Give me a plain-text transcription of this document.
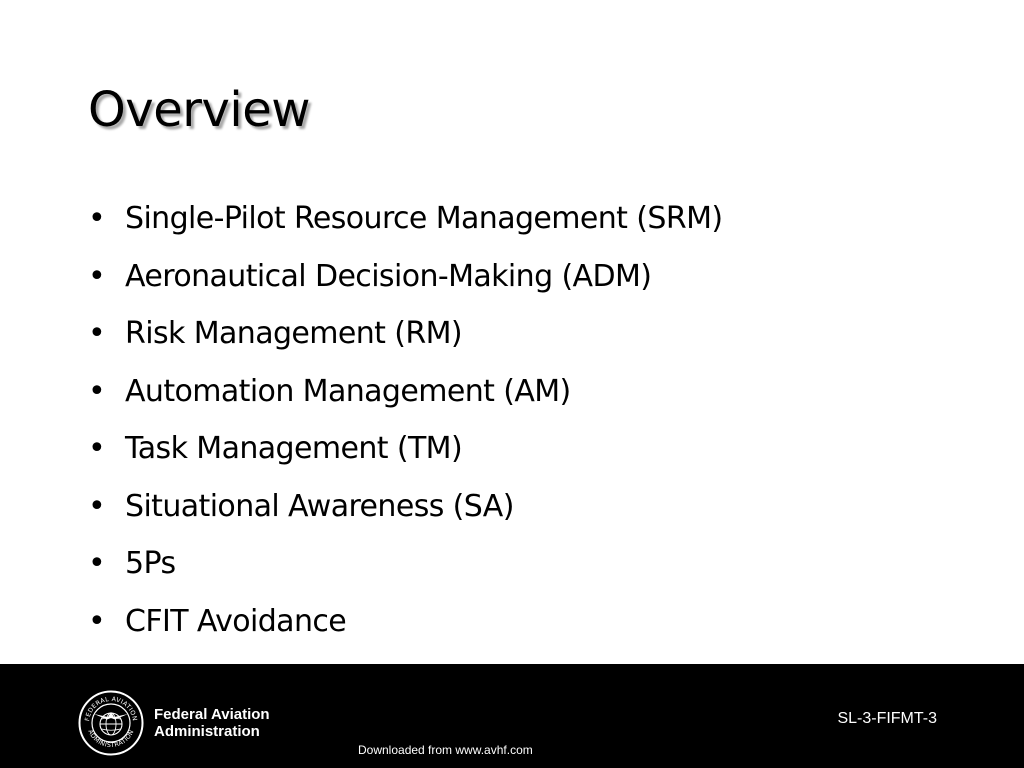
Overview
• Single-Pilot Resource Management (SRM)
• Aeronautical Decision-Making (ADM)
• Risk Management (RM)
• Automation Management (AM)
• Task Management (TM)
• Situational Awareness (SA)
• 5Ps
• CFIT Avoidance
FEDERAL AVIATION
ADMINISTRATION
Federal Aviation
Administration
SL-3-FIFMT-3
Downloaded from www.avhf.com
